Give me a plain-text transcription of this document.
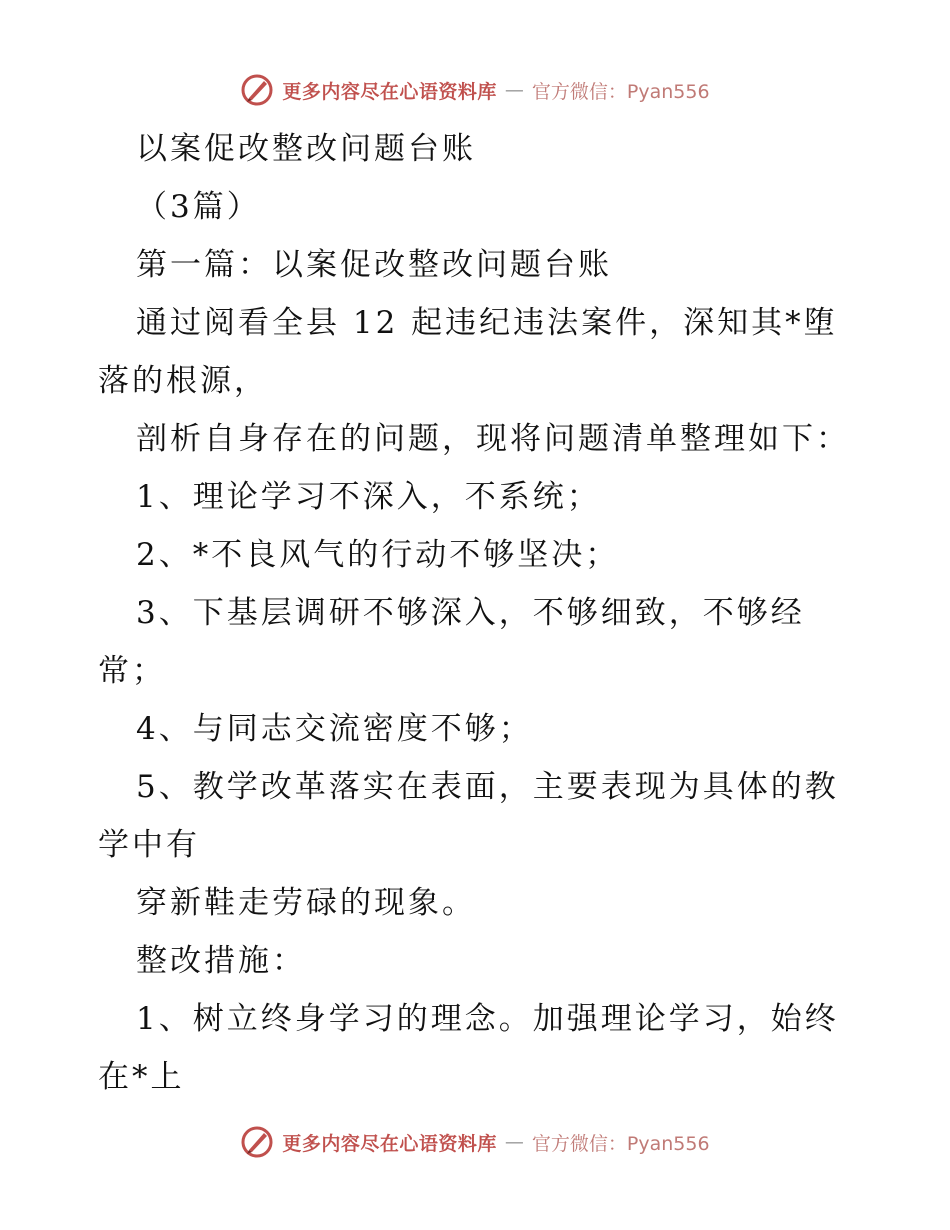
更多内容尽在心语资料库 — 官方微信：Pyan556
以案促改整改问题台账
（3篇）
第一篇：以案促改整改问题台账
通过阅看全县 12 起违纪违法案件，深知其*堕
落的根源，
剖析自身存在的问题，现将问题清单整理如下：
1、理论学习不深入，不系统；
2、*不良风气的行动不够坚决；
3、下基层调研不够深入，不够细致，不够经
常；
4、与同志交流密度不够；
5、教学改革落实在表面，主要表现为具体的教
学中有
穿新鞋走劳碌的现象。
整改措施：
1、树立终身学习的理念。加强理论学习，始终
在*上
更多内容尽在心语资料库 — 官方微信：Pyan556
